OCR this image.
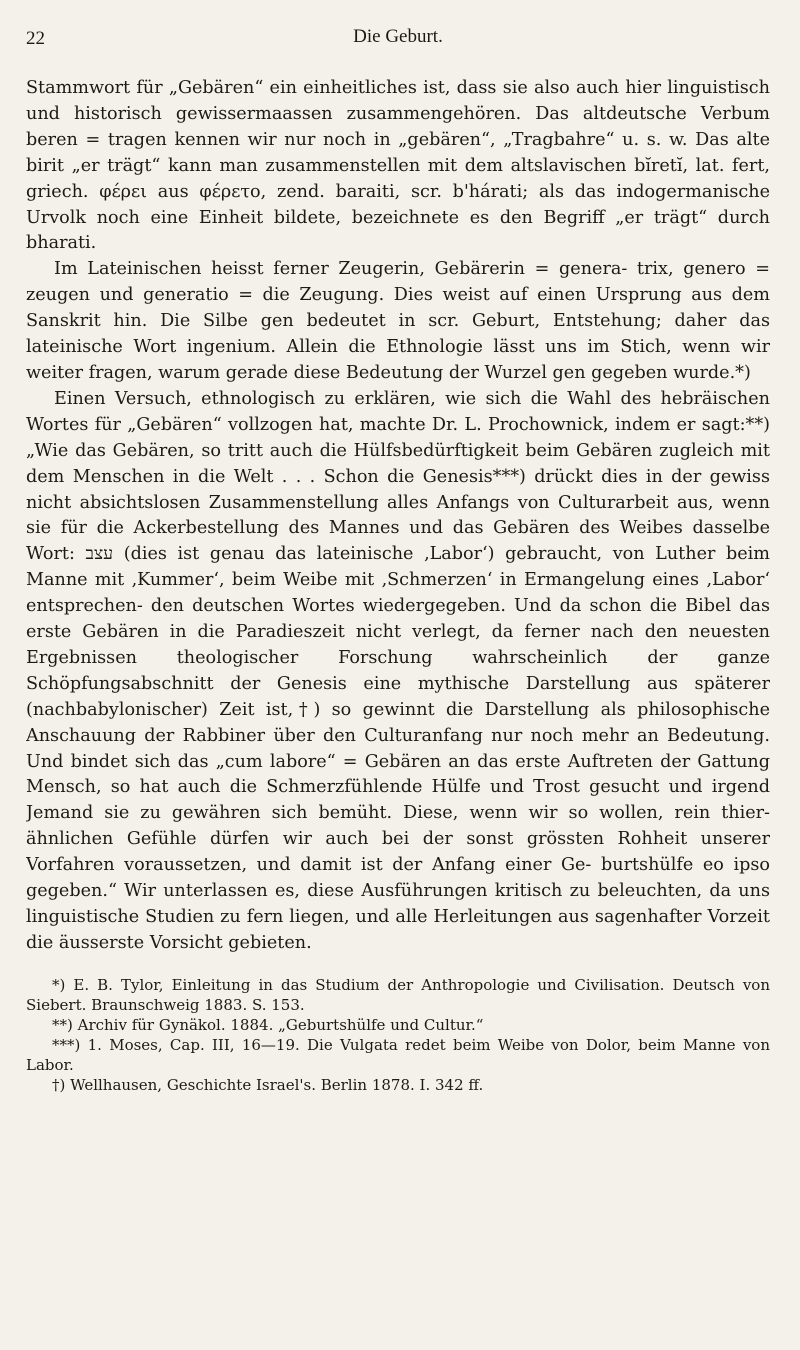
22	Die Geburt.

Stammwort für „Gebären“ ein einheitliches ist, dass sie also auch hier linguistisch und historisch gewissermaassen zusammengehören. Das altdeutsche Verbum beren = tragen kennen wir nur noch in „gebären“, „Tragbahre“ u. s. w. Das alte birit „er trägt“ kann man zusammenstellen mit dem altslavischen bĭretĭ, lat. fert, griech. φέρει aus φέρετο, zend. baraiti, scr. b'hárati; als das indogermanische Urvolk noch eine Einheit bildete, bezeichnete es den Begriff „er trägt“ durch bharati.

Im Lateinischen heisst ferner Zeugerin, Gebärerin = genera- trix, genero = zeugen und generatio = die Zeugung. Dies weist auf einen Ursprung aus dem Sanskrit hin. Die Silbe gen bedeutet in scr. Geburt, Entstehung; daher das lateinische Wort ingenium. Allein die Ethnologie lässt uns im Stich, wenn wir weiter fragen, warum gerade diese Bedeutung der Wurzel gen gegeben wurde.*)

Einen Versuch, ethnologisch zu erklären, wie sich die Wahl des hebräischen Wortes für „Gebären“ vollzogen hat, machte Dr. L. Prochownick, indem er sagt:**) „Wie das Gebären, so tritt auch die Hülfsbedürftigkeit beim Gebären zugleich mit dem Menschen in die Welt . . . Schon die Genesis***) drückt dies in der gewiss nicht absichtslosen Zusammenstellung alles Anfangs von Culturarbeit aus, wenn sie für die Ackerbestellung des Mannes und das Gebären des Weibes dasselbe Wort: עצב (dies ist genau das lateinische ‚Labor‘) gebraucht, von Luther beim Manne mit ‚Kummer‘, beim Weibe mit ‚Schmerzen‘ in Ermangelung eines ‚Labor‘ entsprechen- den deutschen Wortes wiedergegeben. Und da schon die Bibel das erste Gebären in die Paradieszeit nicht verlegt, da ferner nach den neuesten Ergebnissen theologischer Forschung wahrscheinlich der ganze Schöpfungsabschnitt der Genesis eine mythische Darstellung aus späterer (nachbabylonischer) Zeit ist,†) so gewinnt die Darstellung als philosophische Anschauung der Rabbiner über den Culturanfang nur noch mehr an Bedeutung. Und bindet sich das „cum labore“ = Gebären an das erste Auftreten der Gattung Mensch, so hat auch die Schmerzfühlende Hülfe und Trost gesucht und irgend Jemand sie zu gewähren sich bemüht. Diese, wenn wir so wollen, rein thier- ähnlichen Gefühle dürfen wir auch bei der sonst grössten Rohheit unserer Vorfahren voraussetzen, und damit ist der Anfang einer Ge- burtshülfe eo ipso gegeben.“ Wir unterlassen es, diese Ausführungen kritisch zu beleuchten, da uns linguistische Studien zu fern liegen, und alle Herleitungen aus sagenhafter Vorzeit die äusserste Vorsicht gebieten.

*) E. B. Tylor, Einleitung in das Studium der Anthropologie und Civilisation. Deutsch von Siebert. Braunschweig 1883. S. 153.

**) Archiv für Gynäkol. 1884. „Geburtshülfe und Cultur.“

***) 1. Moses, Cap. III, 16—19. Die Vulgata redet beim Weibe von Dolor, beim Manne von Labor.

†) Wellhausen, Geschichte Israel's. Berlin 1878. I. 342 ff.
